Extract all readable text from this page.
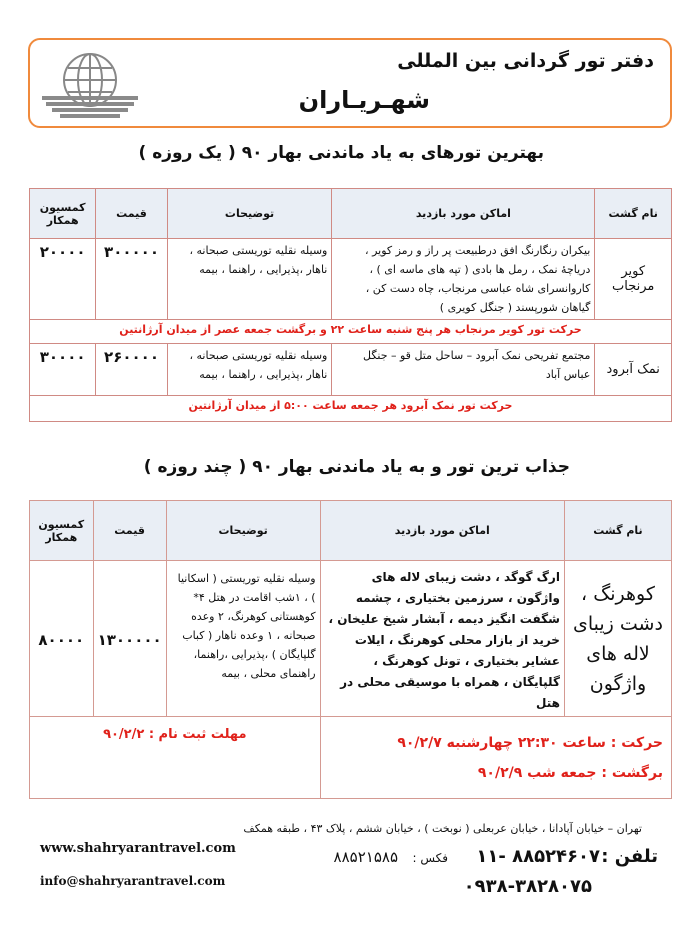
دفتر تور گردانی بین المللی
شهـریـاران
بهترین تورهای به یاد ماندنی بهار ۹۰ ( یک روزه )
نام گشت	اماکن مورد بازدید	توضیحات	قیمت	کمسیون همکار
کویر مرنجاب	بیکران رنگارنگ افق درطبیعت پر راز و رمز کویر ، دریاچۀ نمک ، رمل ها بادی ( تپه های ماسه ای ) ، کاروانسرای شاه عباسی مرنجاب، چاه دست کن ، گیاهان شورپسند ( جنگل کویری )	وسیله نقلیه توریستی صبحانه ، ناهار ،پذیرایی ، راهنما ، بیمه	۳۰۰۰۰۰	۲۰۰۰۰
حرکت تور کویر مرنجاب هر پنج شنبه ساعت ۲۲ و برگشت جمعه عصر از میدان آرژانتین				
نمک آبرود	مجتمع تفریحی نمک آبرود – ساحل متل قو – جنگل عباس آباد	وسیله نقلیه توریستی صبحانه ، ناهار ،پذیرایی ، راهنما ، بیمه	۲۶۰۰۰۰	۳۰۰۰۰
حرکت تور نمک آبرود هر جمعه ساعت ۵:۰۰ از میدان آرژانتین				
جذاب ترین تور و به یاد ماندنی بهار ۹۰ ( چند روزه )
نام گشت	اماکن مورد بازدید	توضیحات	قیمت	کمسیون همکار
کوهرنگ ، دشت زیبای لاله های واژگون	ارگ گوگد ، دشت زیبای لاله های واژگون ، سرزمین بختیاری ، چشمه شگفت انگیز دیمه ، آبشار شیخ علیخان ، خرید از بازار محلی کوهرنگ ، ایلات عشایر بختیاری ، تونل کوهرنگ ، گلپایگان ، همراه با موسیقی محلی در هتل	وسیله نقلیه توریستی ( اسکانیا ) ، ۱شب اقامت در هتل ۴* کوهستانی کوهرنگ، ۲ وعده صبحانه ، ۱ وعده ناهار ( کباب گلپایگان ) ،پذیرایی ،راهنما، راهنمای محلی ، بیمه	۱۳۰۰۰۰۰	۸۰۰۰۰

حرکت : ساعت ۲۲:۳۰ چهارشنبه ۹۰/۲/۷
برگشت : جمعه شب ۹۰/۲/۹		مهلت ثبت نام : ۹۰/۲/۲		
تهران – خیابان آپادانا ، خیابان عربعلی ( نوبخت ) ، خیابان ششم ، پلاک ۴۳ ، طبقه همکف
تلفن :
۱۱- ۸۸۵۲۴۶۰۷
فکس :
۸۸۵۲۱۵۸۵
۰۹۳۸-۳۸۲۸۰۷۵
www.shahryarantravel.com
info@shahryarantravel.com
